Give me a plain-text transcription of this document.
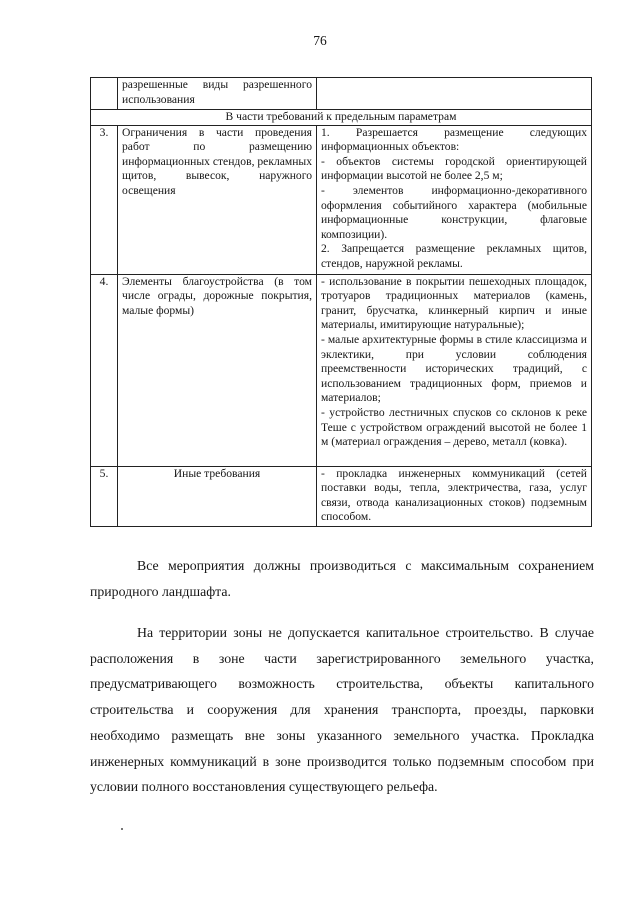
76
	разрешенные виды разрешенного использования	
В части требований к предельным параметрам		
3.	Ограничения в части проведения работ по размещению информационных стендов, рекламных щитов, вывесок, наружного освещения	1. Разрешается размещение следующих информационных объектов:
- объектов системы городской ориентирующей информации высотой не более 2,5 м;
- элементов информационно-декоративного оформления событийного характера (мобильные информационные конструкции, флаговые композиции).
2. Запрещается размещение рекламных щитов, стендов, наружной рекламы.
4.	Элементы благоустройства (в том числе ограды, дорожные покрытия, малые формы)	- использование в покрытии пешеходных площадок, тротуаров традиционных материалов (камень, гранит, брусчатка, клинкерный кирпич и иные материалы, имитирующие натуральные);
- малые архитектурные формы в стиле классицизма и эклектики, при условии соблюдения преемственности исторических традиций, с использованием традиционных форм, приемов и материалов;
- устройство лестничных спусков со склонов к реке Теше с устройством ограждений высотой не более 1 м (материал ограждения – дерево, металл (ковка).
5.	Иные требования	- прокладка инженерных коммуникаций (сетей поставки воды, тепла, электричества, газа, услуг связи, отвода канализационных стоков) подземным способом.

Все мероприятия должны производиться с максимальным сохранением природного ландшафта.

На территории зоны не допускается капитальное строительство. В случае расположения в зоне части зарегистрированного земельного участка, предусматривающего возможность строительства, объекты капитального строительства и сооружения для хранения транспорта, проезды, парковки необходимо размещать вне зоны указанного земельного участка. Прокладка инженерных коммуникаций в зоне производится только подземным способом при условии полного восстановления существующего рельефа.
